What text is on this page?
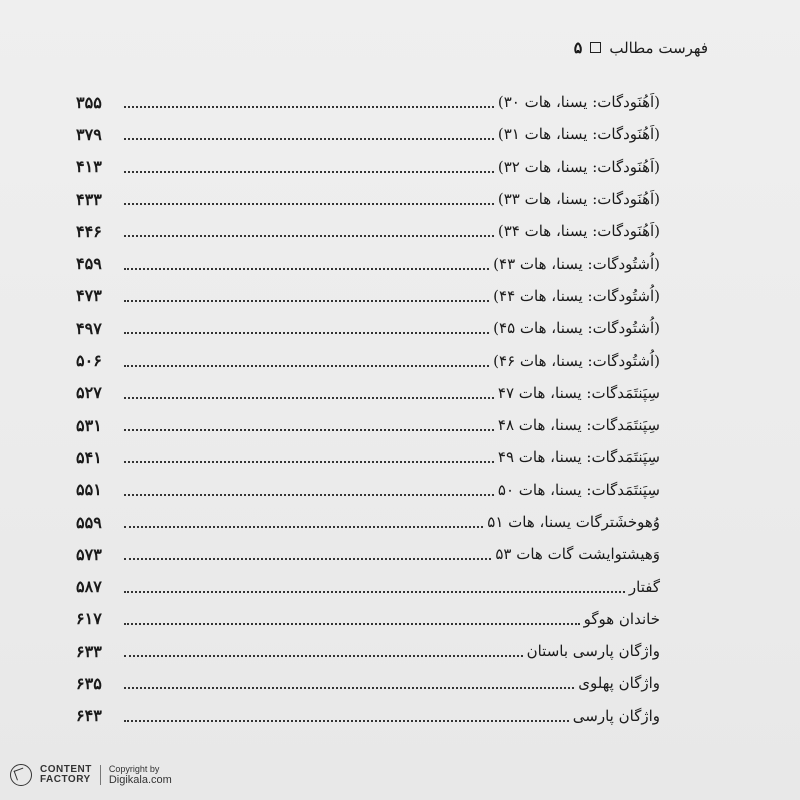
فهرست مطالب
۵
(اَهُنَودگات: یسنا، هات ۳۰)
۳۵۵
(اَهُنَودگات: یسنا، هات ۳۱)
۳۷۹
(اَهُنَودگات: یسنا، هات ۳۲)
۴۱۳
(اَهُنَودگات: یسنا، هات ۳۳)
۴۳۳
(اَهُنَودگات: یسنا، هات ۳۴)
۴۴۶
(اُشتُودگات: یسنا، هات ۴۳)
۴۵۹
(اُشتُودگات: یسنا، هات ۴۴)
۴۷۳
(اُشتُودگات: یسنا، هات ۴۵)
۴۹۷
(اُشتُودگات: یسنا، هات ۴۶)
۵۰۶
سِپَنتَمَدگات: یسنا، هات ۴۷
۵۲۷
سِپَنتَمَدگات: یسنا، هات ۴۸
۵۳۱
سِپَنتَمَدگات: یسنا، هات ۴۹
۵۴۱
سِپَنتَمَدگات: یسنا، هات ۵۰
۵۵۱
وُهوخشَترگات یسنا، هات ۵۱
۵۵۹
وَهیشتوایشت گات هات ۵۳
۵۷۳
گفتار
۵۸۷
خاندان هوگو
۶۱۷
واژگان پارسی باستان
۶۳۳
واژگان پهلوی
۶۳۵
واژگان پارسی
۶۴۳
CONTENT
FACTORY
Copyright by
Digikala.com
